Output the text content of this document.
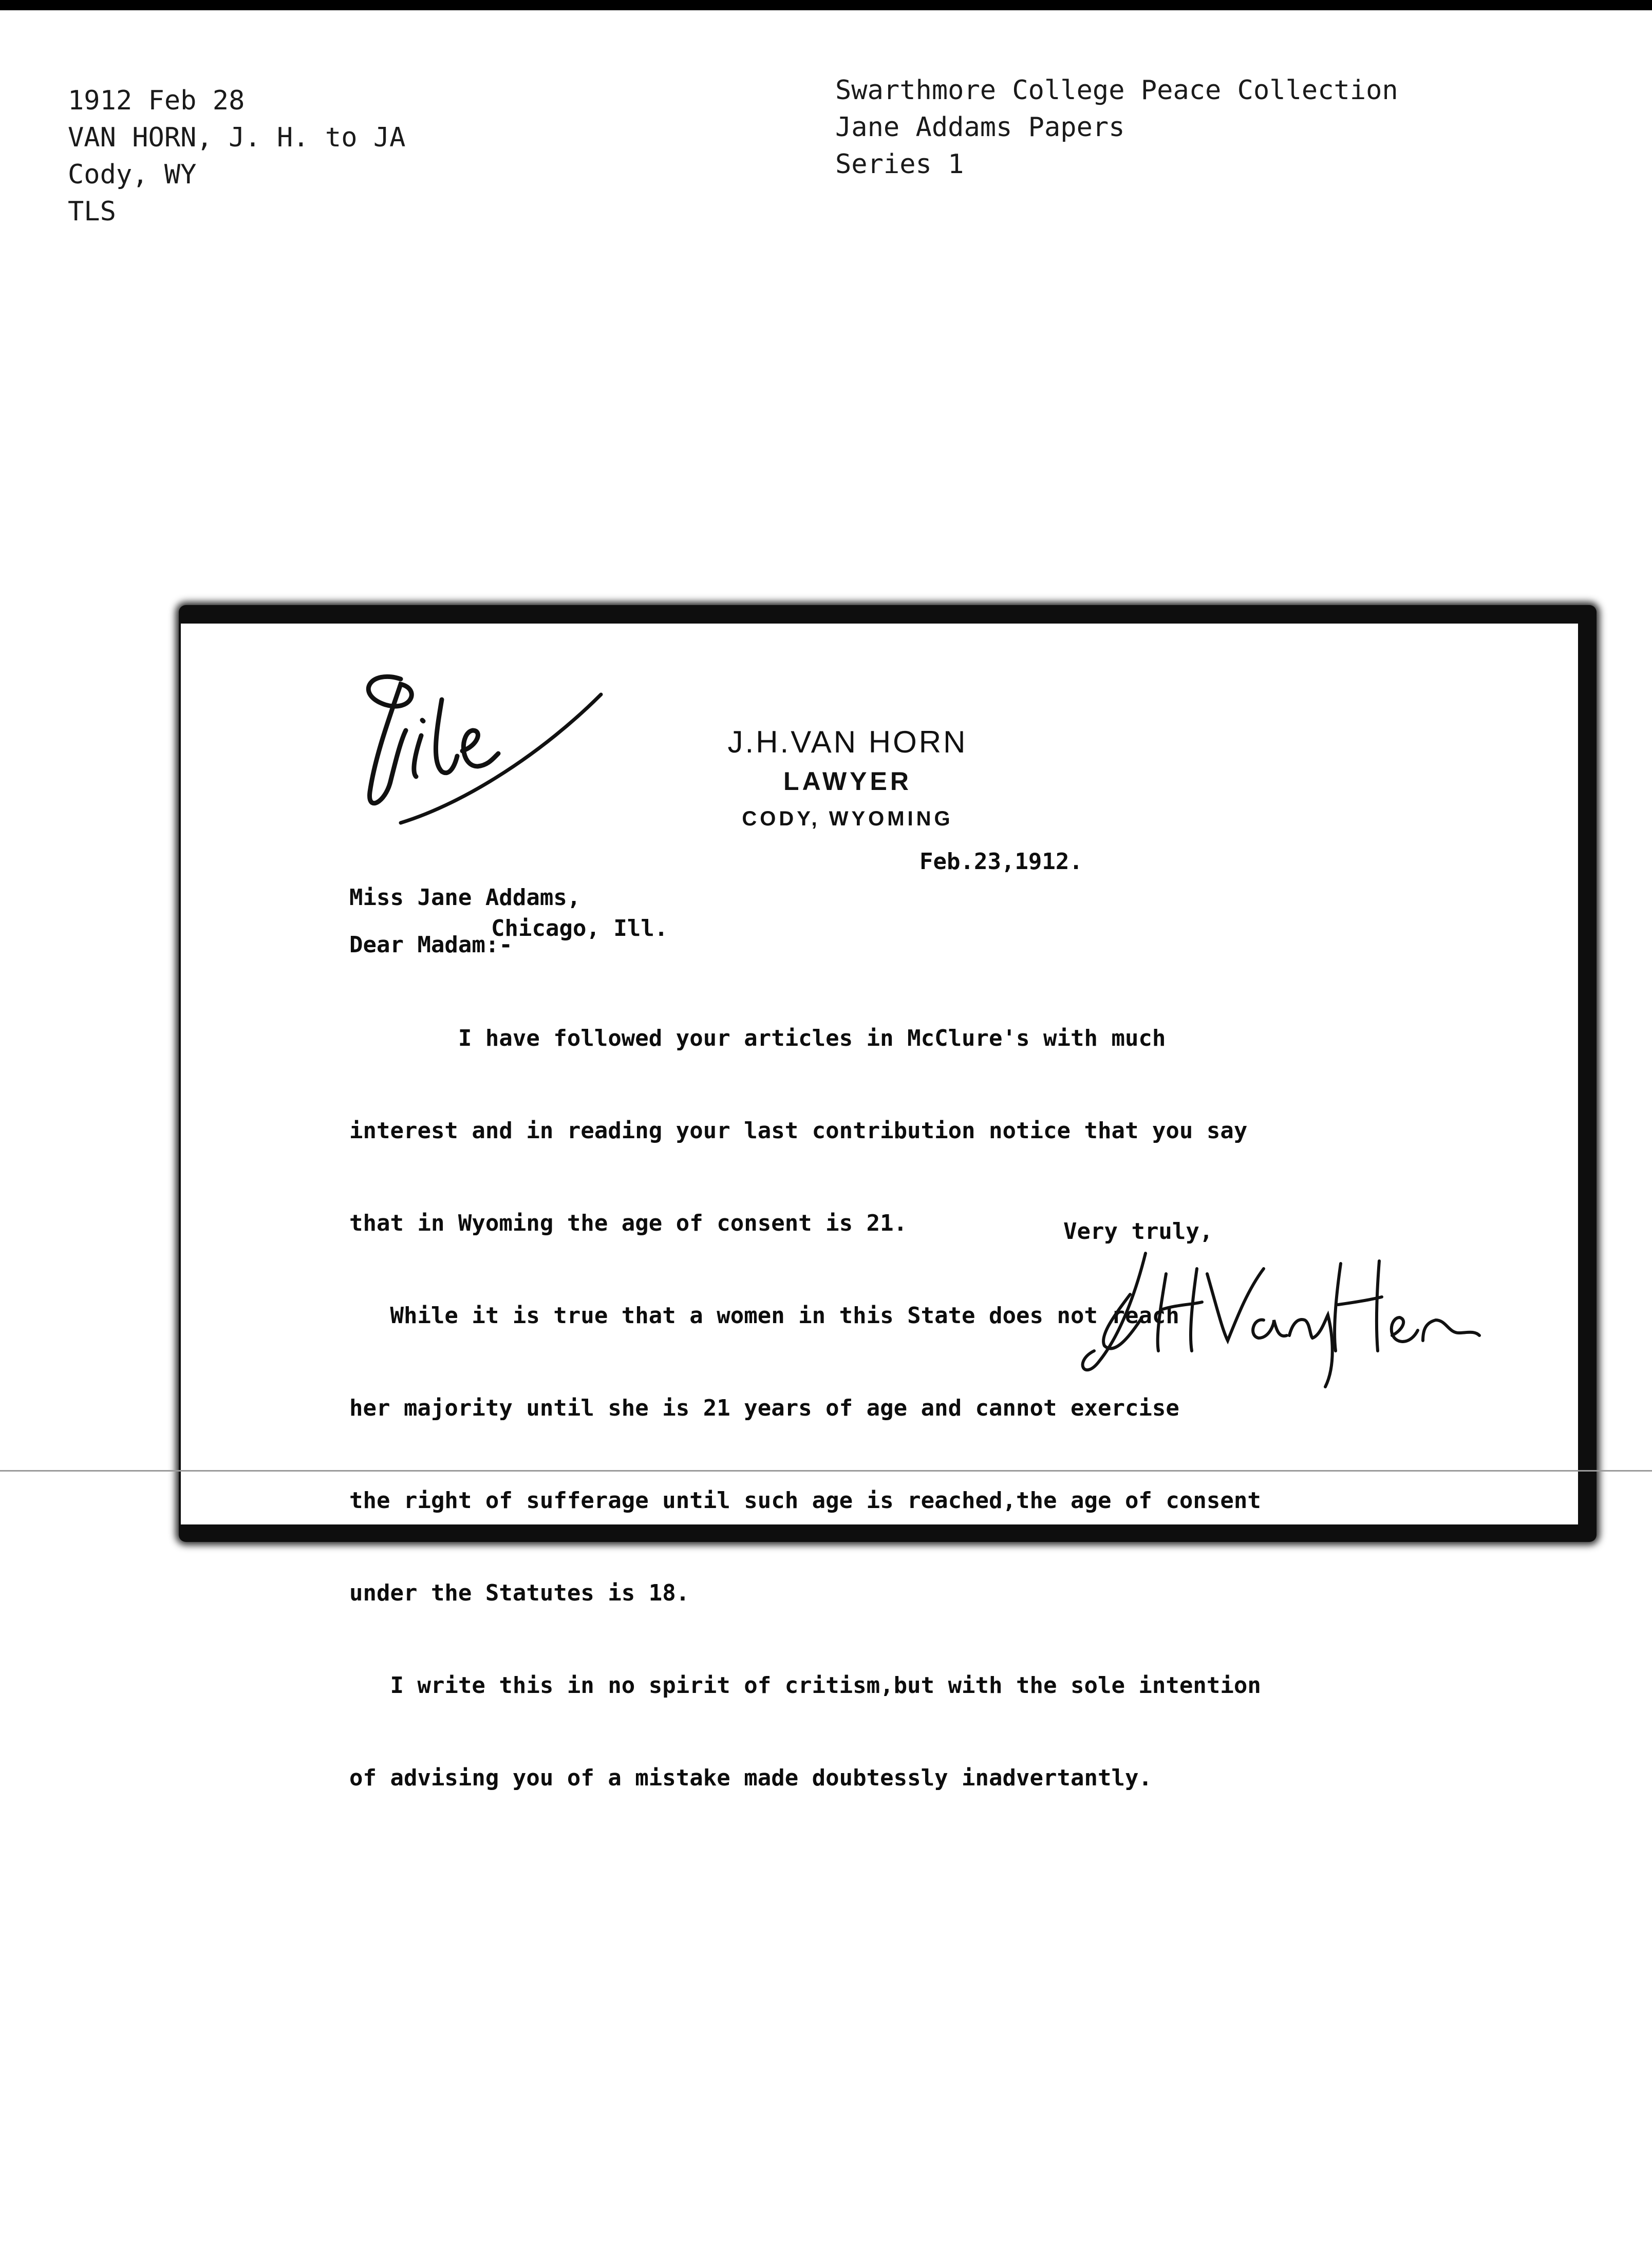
1912 Feb 28
VAN HORN, J. H. to JA
Cody, WY
TLS
Swarthmore College Peace Collection
Jane Addams Papers
Series 1
J.H.VAN HORN
LAWYER
CODY, WYOMING
Feb.23,1912.
Miss Jane Addams,
Chicago, Ill.
Dear Madam:-

I have followed your articles in McClure's with much

interest and in reading your last contribution notice that you say

that in Wyoming the age of consent is 21.

While it is true that a women in this State does not reach

her majority until she is 21 years of age and cannot exercise

the right of sufferage until such age is reached,the age of consent

under the Statutes is 18.

I write this in no spirit of critism,but with the sole intention

of advising you of a mistake made doubtessly inadvertantly.

Very truly,
